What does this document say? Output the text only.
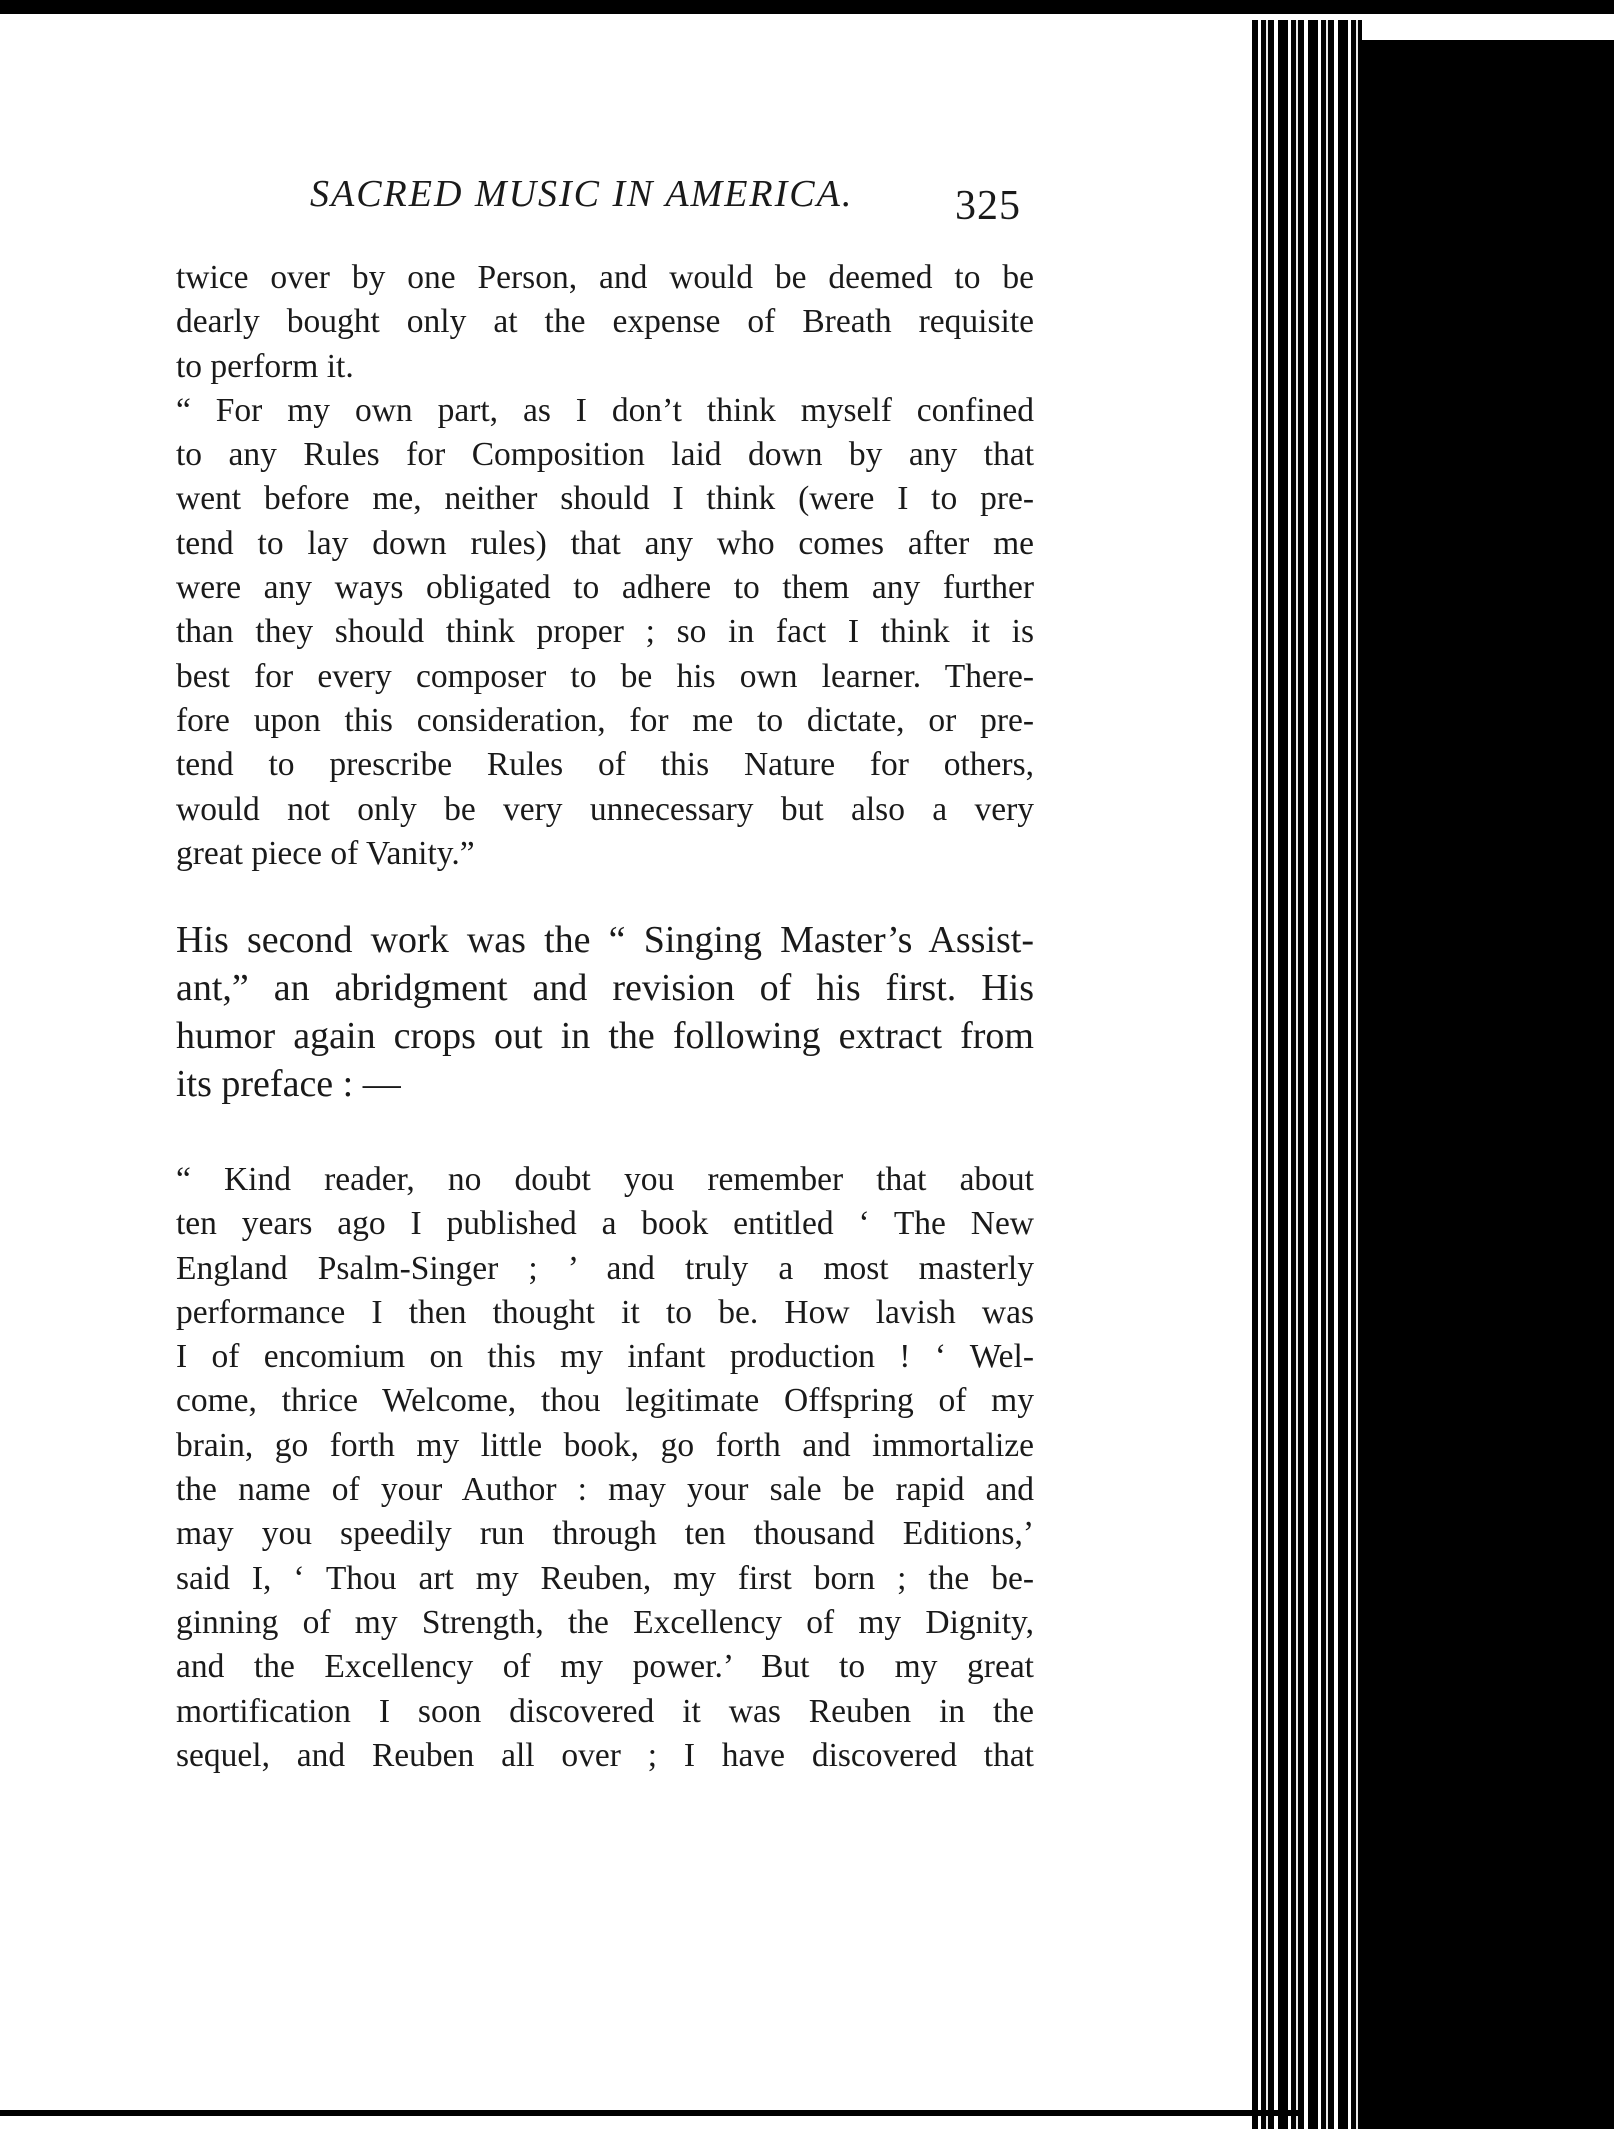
SACRED MUSIC IN AMERICA.	325
twice over by one Person, and would be deemed to be
dearly bought only at the expense of Breath requisite
to perform it.
“ For my own part, as I don’t think myself confined
to any Rules for Composition laid down by any that
went before me, neither should I think (were I to pre-
tend to lay down rules) that any who comes after me
were any ways obligated to adhere to them any further
than they should think proper ; so in fact I think it is
best for every composer to be his own learner. There-
fore upon this consideration, for me to dictate, or pre-
tend to prescribe Rules of this Nature for others,
would not only be very unnecessary but also a very
great piece of Vanity.”
His second work was the “ Singing Master’s Assist-
ant,” an abridgment and revision of his first. His
humor again crops out in the following extract from
its preface : —
“ Kind reader, no doubt you remember that about
ten years ago I published a book entitled ‘ The New
England Psalm-Singer ; ’ and truly a most masterly
performance I then thought it to be. How lavish was
I of encomium on this my infant production ! ‘ Wel-
come, thrice Welcome, thou legitimate Offspring of my
brain, go forth my little book, go forth and immortalize
the name of your Author : may your sale be rapid and
may you speedily run through ten thousand Editions,’
said I, ‘ Thou art my Reuben, my first born ; the be-
ginning of my Strength, the Excellency of my Dignity,
and the Excellency of my power.’ But to my great
mortification I soon discovered it was Reuben in the
sequel, and Reuben all over ; I have discovered that
